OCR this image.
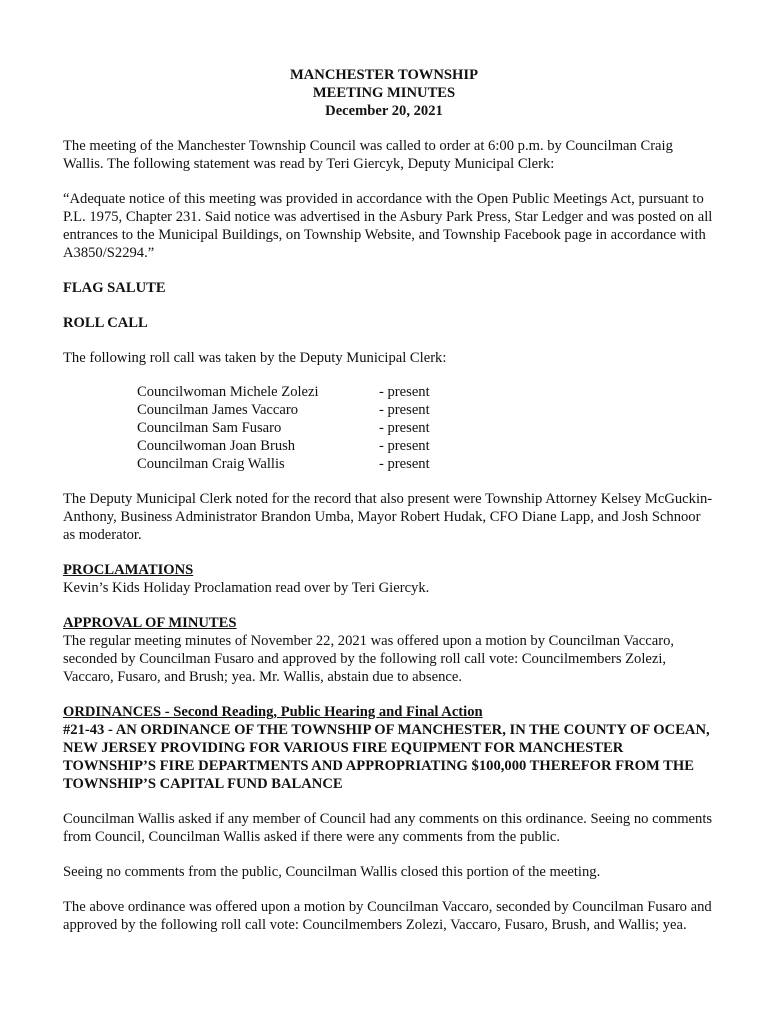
MANCHESTER TOWNSHIP
MEETING MINUTES
December 20, 2021

The meeting of the Manchester Township Council was called to order at 6:00 p.m. by Councilman Craig Wallis. The following statement was read by Teri Giercyk, Deputy Municipal Clerk:

“Adequate notice of this meeting was provided in accordance with the Open Public Meetings Act, pursuant to P.L. 1975, Chapter 231. Said notice was advertised in the Asbury Park Press, Star Ledger and was posted on all entrances to the Municipal Buildings, on Township Website, and Township Facebook page in accordance with A3850/S2294.”

FLAG SALUTE

ROLL CALL

The following roll call was taken by the Deputy Municipal Clerk:

Councilwoman Michele Zolezi	- present
Councilman James Vaccaro	- present
Councilman Sam Fusaro	- present
Councilwoman Joan Brush	- present
Councilman Craig Wallis	- present

The Deputy Municipal Clerk noted for the record that also present were Township Attorney Kelsey McGuckin-Anthony, Business Administrator Brandon Umba, Mayor Robert Hudak, CFO Diane Lapp, and Josh Schnoor as moderator.

PROCLAMATIONS

Kevin’s Kids Holiday Proclamation read over by Teri Giercyk.

APPROVAL OF MINUTES

The regular meeting minutes of November 22, 2021 was offered upon a motion by Councilman Vaccaro, seconded by Councilman Fusaro and approved by the following roll call vote: Councilmembers Zolezi, Vaccaro, Fusaro, and Brush; yea. Mr. Wallis, abstain due to absence.

ORDINANCES - Second Reading, Public Hearing and Final Action

#21-43 - AN ORDINANCE OF THE TOWNSHIP OF MANCHESTER, IN THE COUNTY OF OCEAN, NEW JERSEY PROVIDING FOR VARIOUS FIRE EQUIPMENT FOR MANCHESTER TOWNSHIP’S FIRE DEPARTMENTS AND APPROPRIATING $100,000 THEREFOR FROM THE TOWNSHIP’S CAPITAL FUND BALANCE

Councilman Wallis asked if any member of Council had any comments on this ordinance. Seeing no comments from Council, Councilman Wallis asked if there were any comments from the public.

Seeing no comments from the public, Councilman Wallis closed this portion of the meeting.

The above ordinance was offered upon a motion by Councilman Vaccaro, seconded by Councilman Fusaro and approved by the following roll call vote: Councilmembers Zolezi, Vaccaro, Fusaro, Brush, and Wallis; yea.
